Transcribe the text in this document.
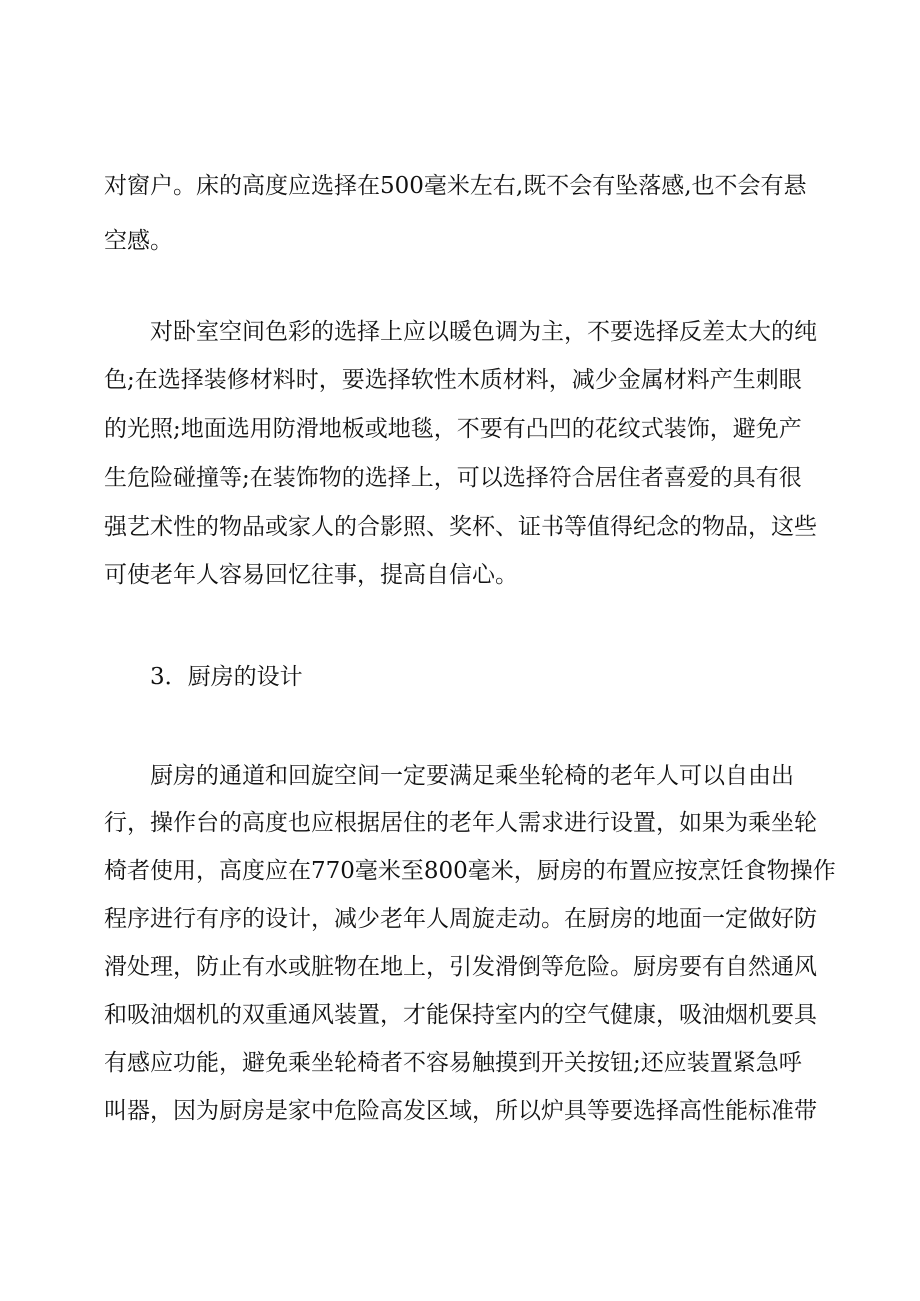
对窗户。床的高度应选择在500毫米左右,既不会有坠落感,也不会有悬
空感。
对卧室空间色彩的选择上应以暖色调为主，不要选择反差太大的纯
色;在选择装修材料时，要选择软性木质材料，减少金属材料产生刺眼
的光照;地面选用防滑地板或地毯，不要有凸凹的花纹式装饰，避免产
生危险碰撞等;在装饰物的选择上，可以选择符合居住者喜爱的具有很
强艺术性的物品或家人的合影照、奖杯、证书等值得纪念的物品，这些
可使老年人容易回忆往事，提高自信心。
3．厨房的设计
厨房的通道和回旋空间一定要满足乘坐轮椅的老年人可以自由出
行，操作台的高度也应根据居住的老年人需求进行设置，如果为乘坐轮
椅者使用，高度应在770毫米至800毫米，厨房的布置应按烹饪食物操作
程序进行有序的设计，减少老年人周旋走动。在厨房的地面一定做好防
滑处理，防止有水或脏物在地上，引发滑倒等危险。厨房要有自然通风
和吸油烟机的双重通风装置，才能保持室内的空气健康，吸油烟机要具
有感应功能，避免乘坐轮椅者不容易触摸到开关按钮;还应装置紧急呼
叫器，因为厨房是家中危险高发区域，所以炉具等要选择高性能标准带
